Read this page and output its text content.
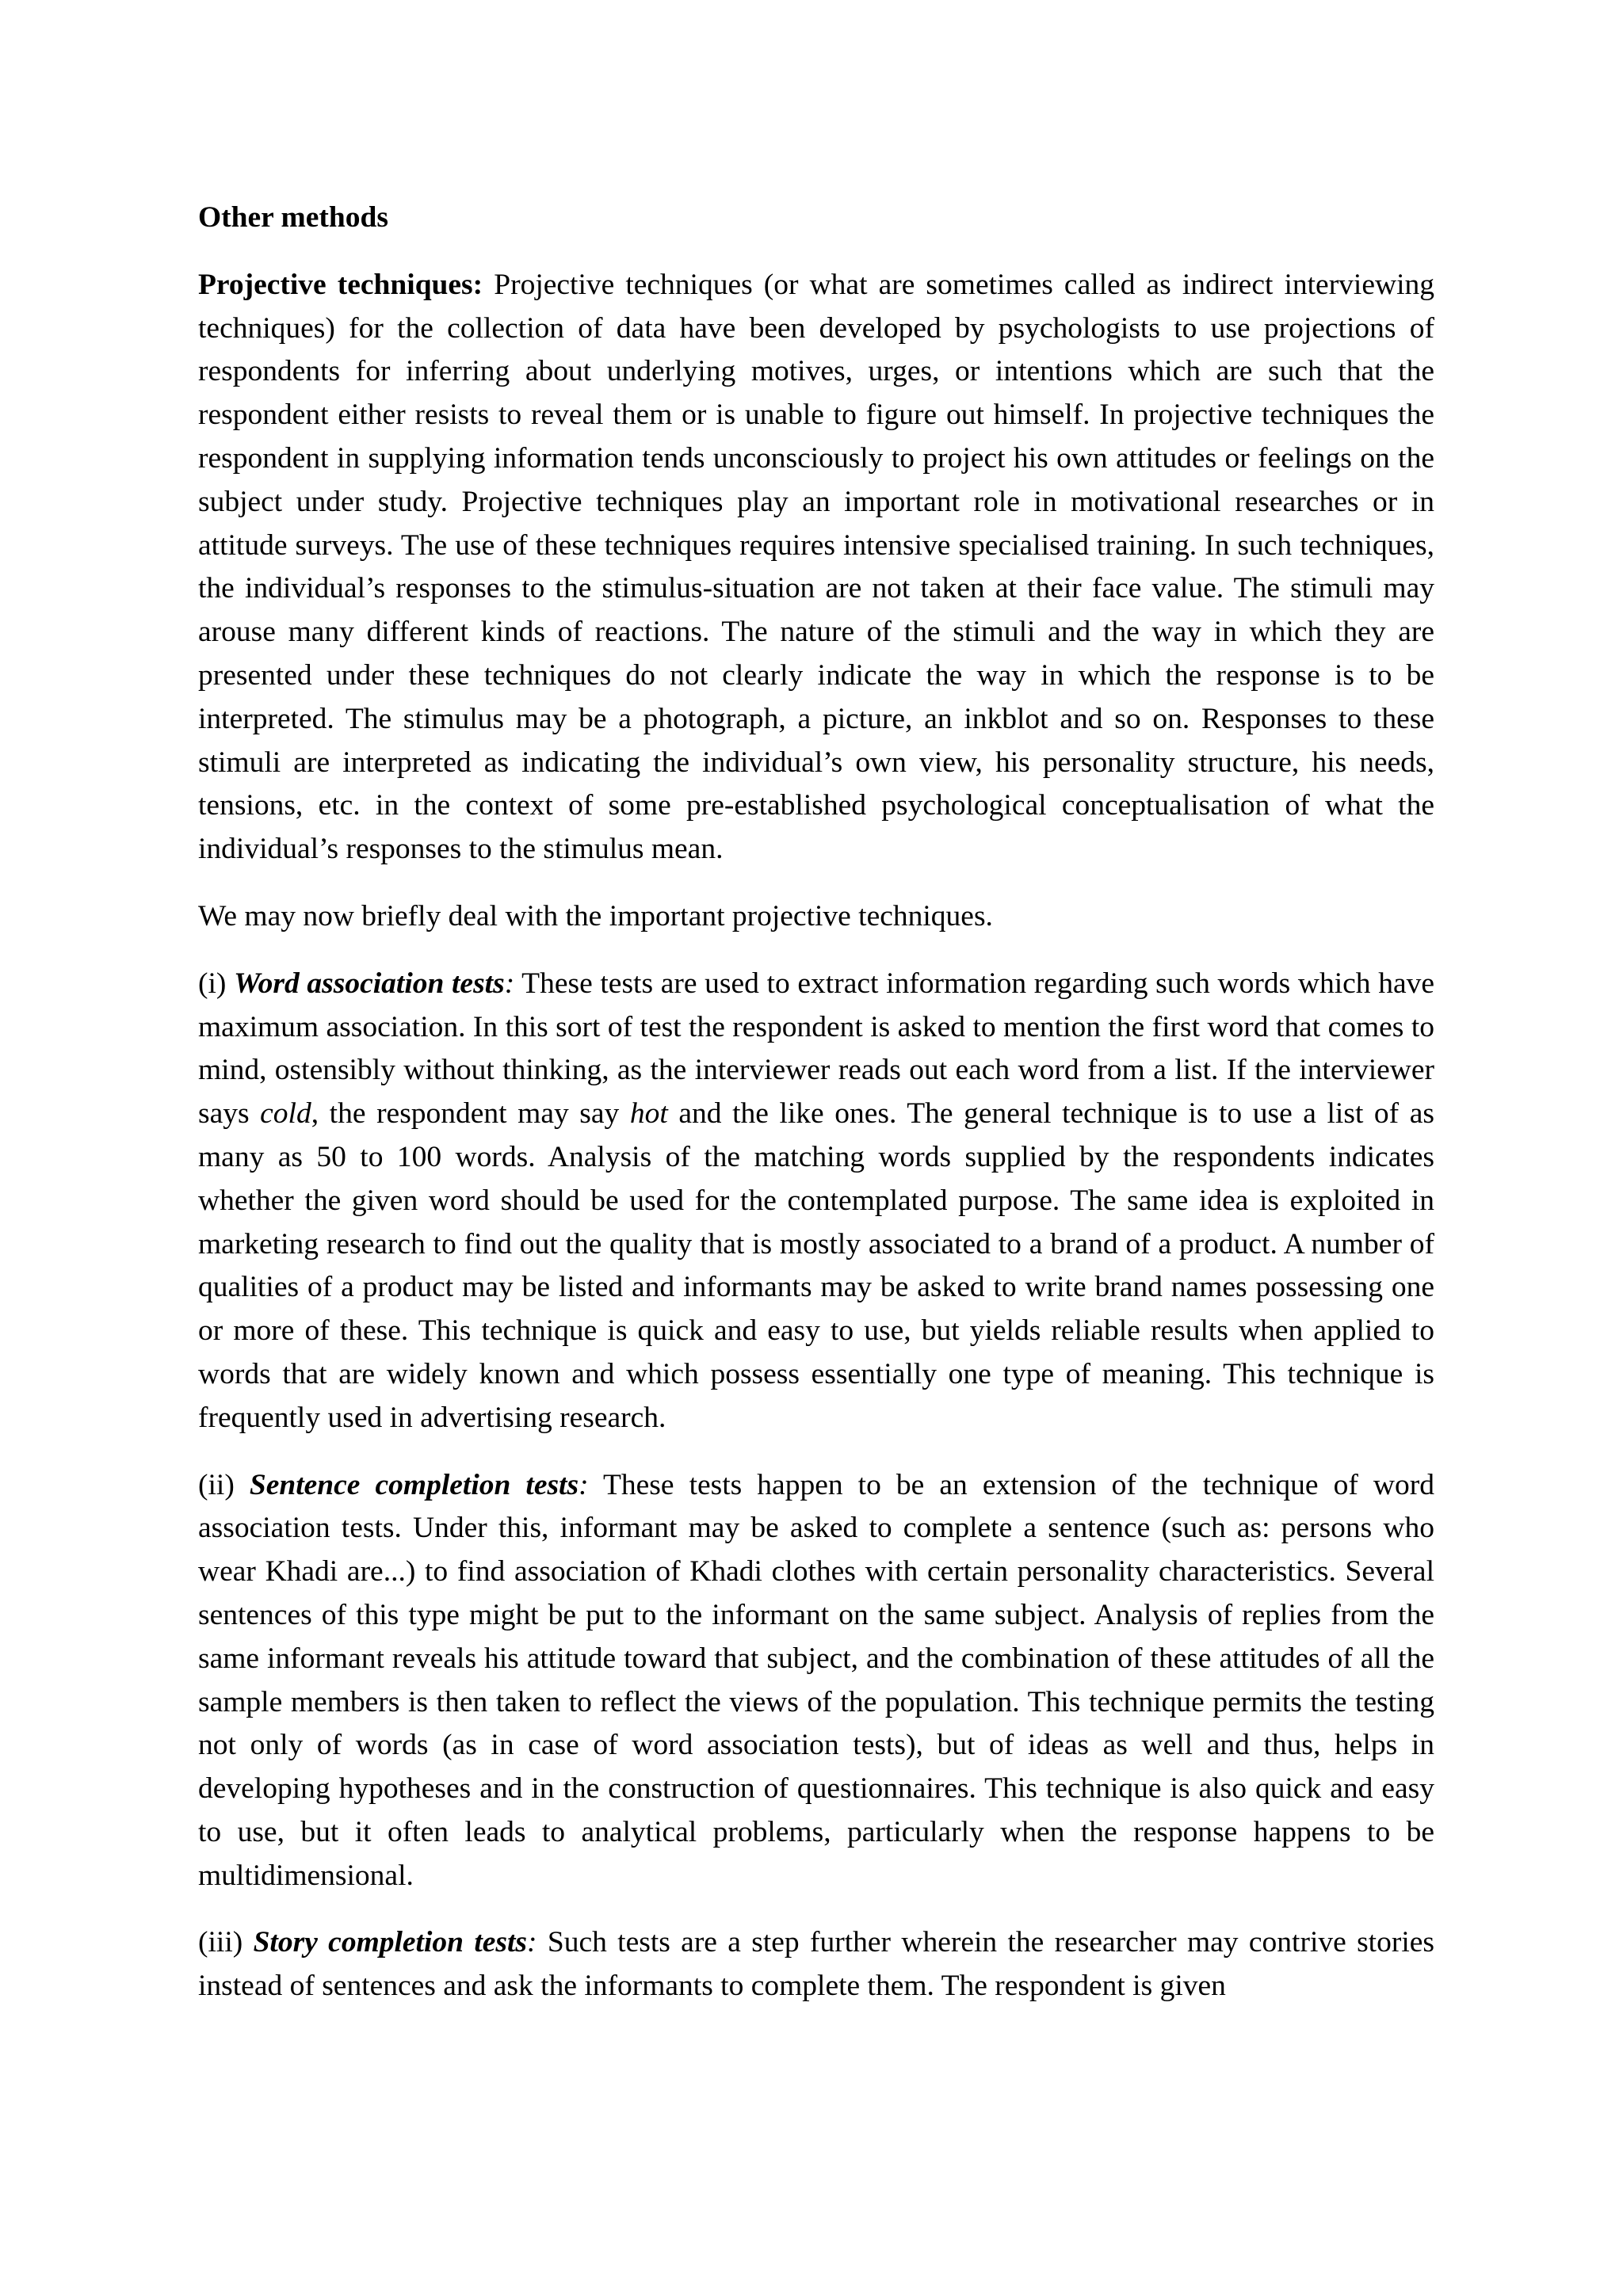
Other methods

Projective techniques: Projective techniques (or what are sometimes called as indirect interviewing techniques) for the collection of data have been developed by psychologists to use projections of respondents for inferring about underlying motives, urges, or intentions which are such that the respondent either resists to reveal them or is unable to figure out himself. In projective techniques the respondent in supplying information tends unconsciously to project his own attitudes or feelings on the subject under study. Projective techniques play an important role in motivational researches or in attitude surveys. The use of these techniques requires intensive specialised training. In such techniques, the individual’s responses to the stimulus-situation are not taken at their face value. The stimuli may arouse many different kinds of reactions. The nature of the stimuli and the way in which they are presented under these techniques do not clearly indicate the way in which the response is to be interpreted. The stimulus may be a photograph, a picture, an inkblot and so on. Responses to these stimuli are interpreted as indicating the individual’s own view, his personality structure, his needs, tensions, etc. in the context of some pre-established psychological conceptualisation of what the individual’s responses to the stimulus mean.

We may now briefly deal with the important projective techniques.

(i) Word association tests: These tests are used to extract information regarding such words which have maximum association. In this sort of test the respondent is asked to mention the first word that comes to mind, ostensibly without thinking, as the interviewer reads out each word from a list. If the interviewer says cold, the respondent may say hot and the like ones. The general technique is to use a list of as many as 50 to 100 words. Analysis of the matching words supplied by the respondents indicates whether the given word should be used for the contemplated purpose. The same idea is exploited in marketing research to find out the quality that is mostly associated to a brand of a product. A number of qualities of a product may be listed and informants may be asked to write brand names possessing one or more of these. This technique is quick and easy to use, but yields reliable results when applied to words that are widely known and which possess essentially one type of meaning. This technique is frequently used in advertising research.

(ii) Sentence completion tests: These tests happen to be an extension of the technique of word association tests. Under this, informant may be asked to complete a sentence (such as: persons who wear Khadi are...) to find association of Khadi clothes with certain personality characteristics. Several sentences of this type might be put to the informant on the same subject. Analysis of replies from the same informant reveals his attitude toward that subject, and the combination of these attitudes of all the sample members is then taken to reflect the views of the population. This technique permits the testing not only of words (as in case of word association tests), but of ideas as well and thus, helps in developing hypotheses and in the construction of questionnaires. This technique is also quick and easy to use, but it often leads to analytical problems, particularly when the response happens to be multidimensional.

(iii) Story completion tests: Such tests are a step further wherein the researcher may contrive stories instead of sentences and ask the informants to complete them. The respondent is given
